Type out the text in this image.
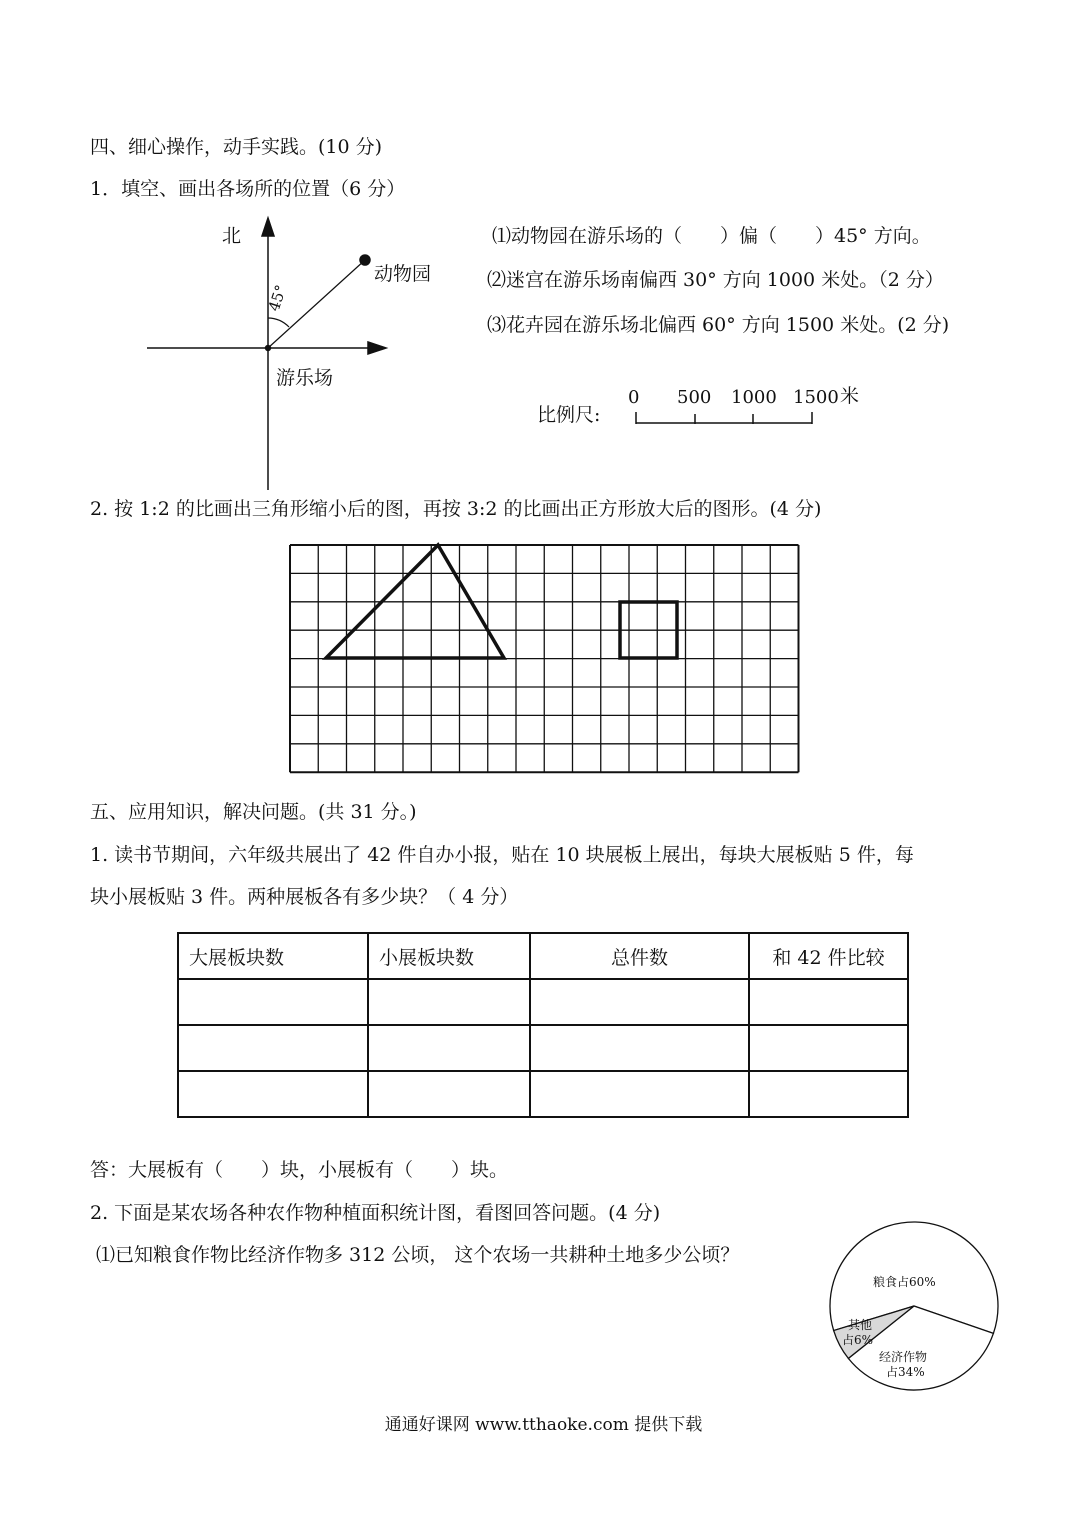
四、细心操作，动手实践。(10 分)
1．填空、画出各场所的位置（6 分）
北
动物园
45°
游乐场
⑴动物园在游乐场的（　　）偏（　　）45° 方向。
⑵迷宫在游乐场南偏西 30° 方向 1000 米处。（2 分）
⑶花卉园在游乐场北偏西 60° 方向 1500 米处。(2 分)
比例尺:
0 500 1000 1500 米
2. 按 1:2 的比画出三角形缩小后的图，再按 3:2 的比画出正方形放大后的图形。(4 分)
五、应用知识，解决问题。(共 31 分。)
1. 读书节期间，六年级共展出了 42 件自办小报，贴在 10 块展板上展出，每块大展板贴 5 件，每
块小展板贴 3 件。两种展板各有多少块？（ 4 分）
大展板块数	小展板块数	总件数	和 42 件比较

答：大展板有（　　）块，小展板有（　　）块。
2. 下面是某农场各种农作物种植面积统计图，看图回答问题。(4 分)
⑴已知粮食作物比经济作物多 312 公顷， 这个农场一共耕种土地多少公顷？
粮食占60%
其他
占6%
经济作物
占34%
通通好课网 www.tthaoke.com 提供下载
